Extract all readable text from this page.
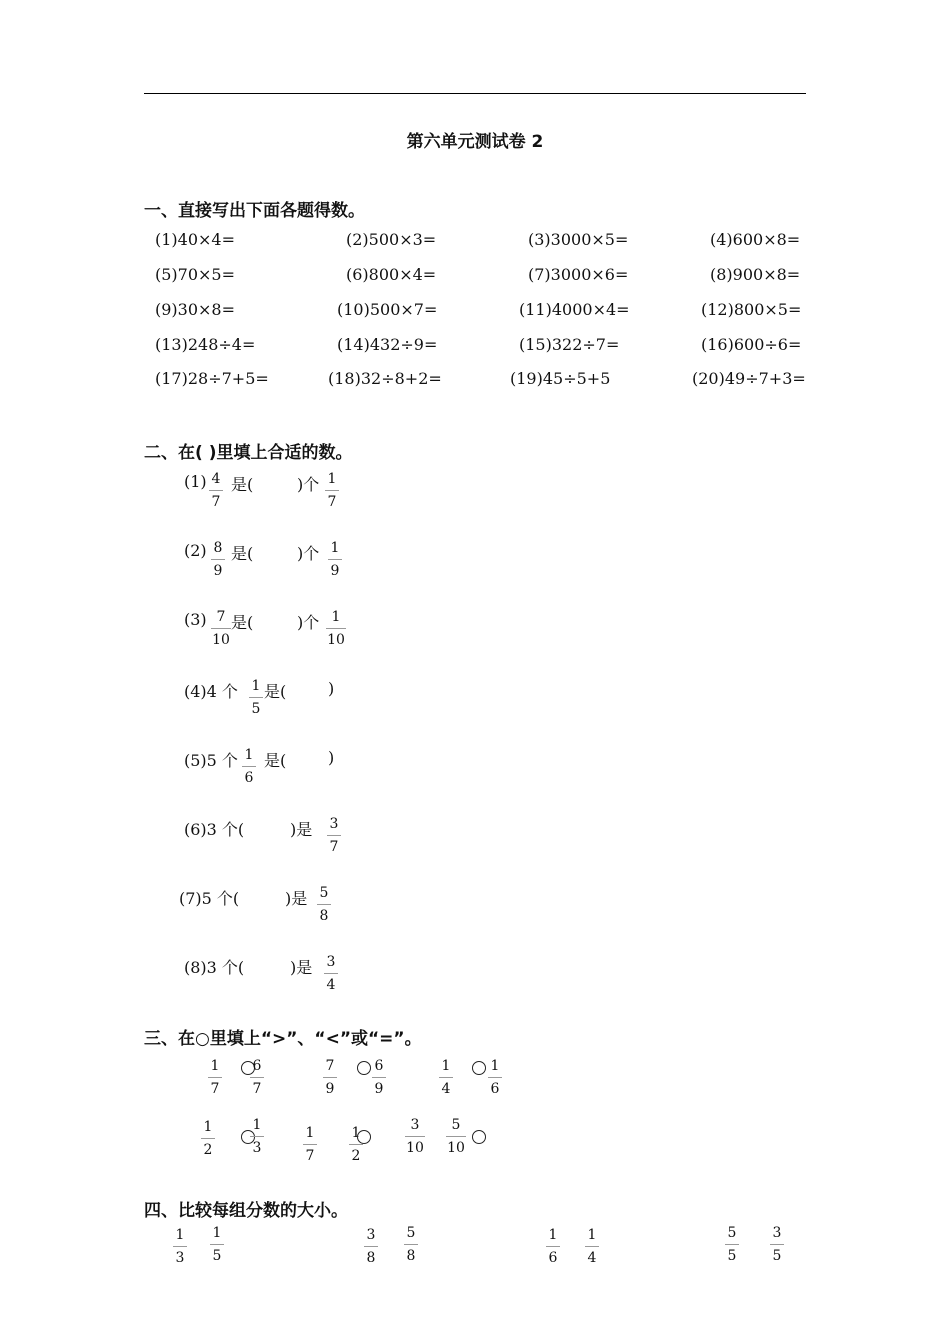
第六单元测试卷 2
一、直接写出下面各题得数。
(1)40×4=	(2)500×3=	(3)3000×5=	(4)600×8=
(5)70×5=	(6)800×4=	(7)3000×6=	(8)900×8=
(9)30×8=	(10)500×7=	(11)4000×4=	(12)800×5=
(13)248÷4=	(14)432÷9=	(15)322÷7=	(16)600÷6=
(17)28÷7+5=	(18)32÷8+2=	(19)45÷5+5	(20)49÷7+3=
二、在( )里填上合适的数。
(1) 4
7
是(	)个 1
7
(2) 8
9
是(	)个 1
9
(3) 7
10
是(	)个 1
10
(4)4 个 1
5
是(	)
(5)5 个 1
6
是(	)
(6)3 个(	)是	3
7
(7)5 个(	)是 5
8
(8)3 个(	)是	3
4
三、在○里填上“>”、“<”或“=”。
1
7
6
7
7
9
6
9
1
4
1
6
1
2
1
3
1
7
1
2
3
10
5
10
四、比较每组分数的大小。
1
3
1
5
3
8
5
8
1
6
1
4
5
5
3
5
